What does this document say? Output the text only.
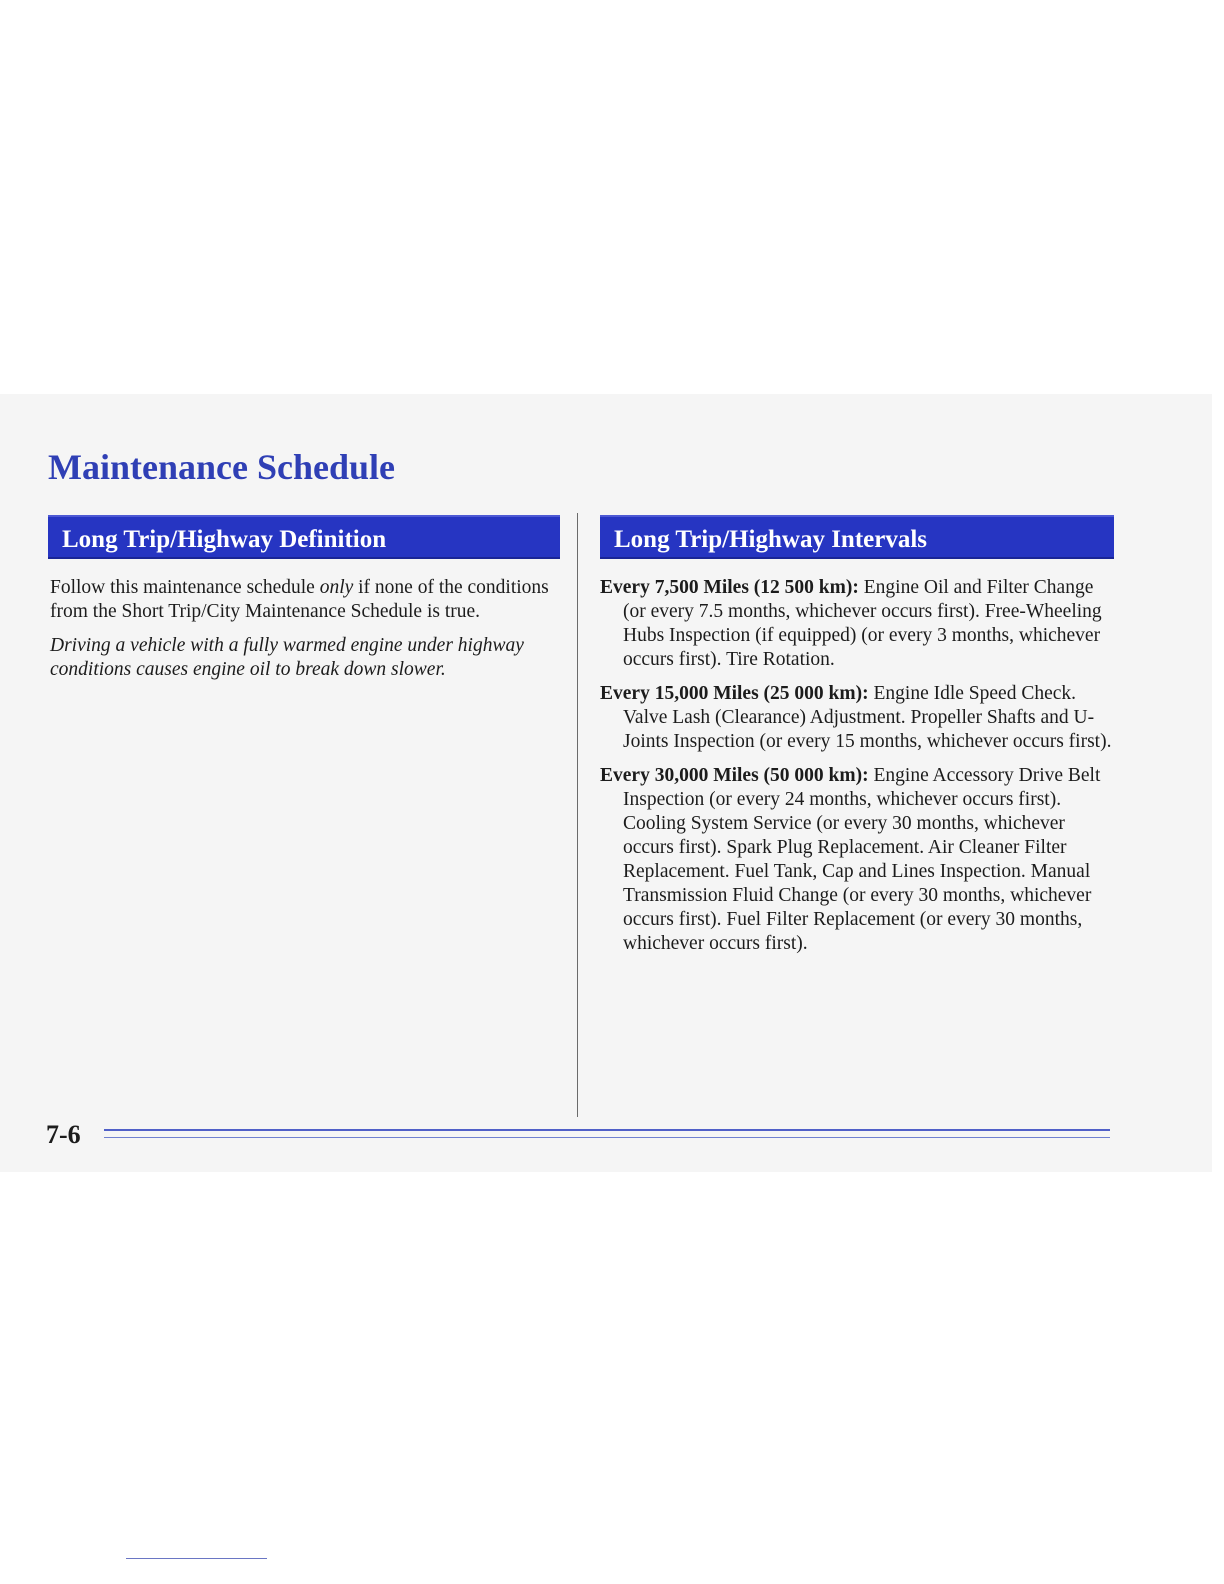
Maintenance Schedule
Long Trip/Highway Definition	Long Trip/Highway Intervals

Follow this maintenance schedule only if none of the conditions from the Short Trip/City Maintenance Schedule is true.

Driving a vehicle with a fully warmed engine under highway conditions causes engine oil to break down slower.

Every 7,500 Miles (12 500 km): Engine Oil and Filter Change (or every 7.5 months, whichever occurs first). Free-Wheeling Hubs Inspection (if equipped) (or every 3 months, whichever occurs first). Tire Rotation.
Every 15,000 Miles (25 000 km): Engine Idle Speed Check. Valve Lash (Clearance) Adjustment. Propeller Shafts and U-Joints Inspection (or every 15 months, whichever occurs first).
Every 30,000 Miles (50 000 km): Engine Accessory Drive Belt Inspection (or every 24 months, whichever occurs first). Cooling System Service (or every 30 months, whichever occurs first). Spark Plug Replacement. Air Cleaner Filter Replacement. Fuel Tank, Cap and Lines Inspection. Manual Transmission Fluid Change (or every 30 months, whichever occurs first). Fuel Filter Replacement (or every 30 months, whichever occurs first).
7-6
